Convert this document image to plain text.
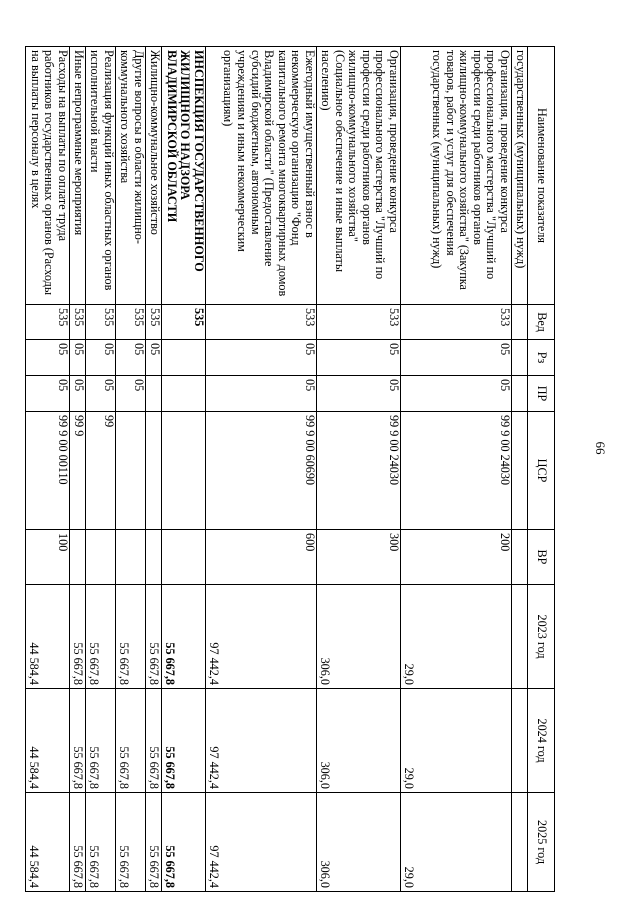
66
Наименование показателя	Вед	Рз	ПР	ЦСР	ВР	2023 год	2024 год	2025 год
государственных (муниципальных) нужд)								
Организация, проведение конкурса профессионального мастерства "Лучший по профессии среди работников органов жилищно-коммунального хозяйства" (Закупка товаров, работ и услуг для обеспечения государственных (муниципальных) нужд)	533	05	05	99 9 00 24030	200	29,0	29,0	29,0
Организация, проведение конкурса профессионального мастерства "Лучший по профессии среди работников органов жилищно-коммунального хозяйства" (Социальное обеспечение и иные выплаты населению)	533	05	05	99 9 00 24030	300	306,0	306,0	306,0
Ежегодный имущественный взнос в некоммерческую организацию "Фонд капитального ремонта многоквартирных домов Владимирской области" (Предоставление субсидий бюджетным, автономным учреждениям и иным некоммерческим организациям)	533	05	05	99 9 00 60690	600	97 442,4	97 442,4	97 442,4
ИНСПЕКЦИЯ ГОСУДАРСТВЕННОГО ЖИЛИЩНОГО НАДЗОРА ВЛАДИМИРСКОЙ ОБЛАСТИ	535					55 667,8	55 667,8	55 667,8
Жилищно-коммунальное хозяйство	535	05				55 667,8	55 667,8	55 667,8
Другие вопросы в области жилищно-коммунального хозяйства	535	05	05			55 667,8	55 667,8	55 667,8
Реализация функций иных областных органов исполнительной власти	535	05	05	99		55 667,8	55 667,8	55 667,8
Иные непрограммные мероприятия	535	05	05	99 9		55 667,8	55 667,8	55 667,8
Расходы на выплаты по оплате труда работников государственных органов (Расходы на выплаты персоналу в целях	535	05	05	99 9 00 00110	100	44 584,4	44 584,4	44 584,4
